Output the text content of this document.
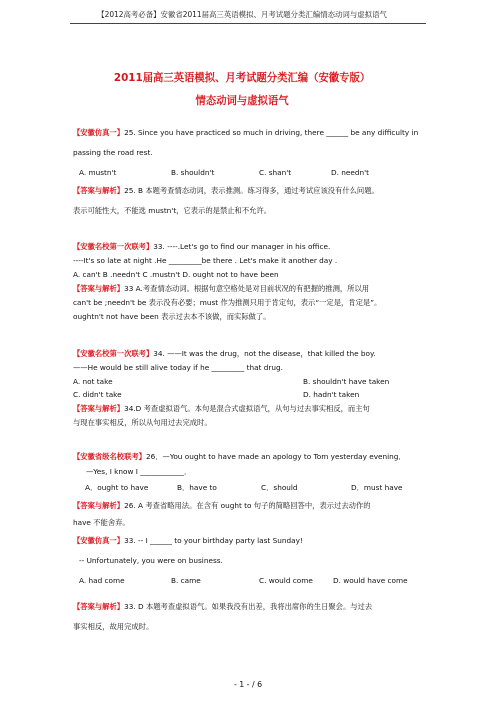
【2012高考必备】安徽省2011届高三英语模拟、月考试题分类汇编情态动词与虚拟语气
2011届高三英语模拟、月考试题分类汇编（安徽专版）
情态动词与虚拟语气
【安徽仿真一】25. Since you have practiced so much in driving, there ______ be any difficulty in
passing the road rest.
A. mustn't	B. shouldn't	C. shan't	D. needn't
【答案与解析】25. B 本题考查情态动词，表示推测。练习得多，通过考试应该没有什么问题。
表示可能性大，不能选 mustn't，它表示的是禁止和不允许。
【安徽名校第一次联考】33. ----.Let's go to find our manager in his office.
----It's so late at night .He _________be there . Let's make it another day .
A. can't B .needn't C .mustn't D. ought not to have been
【答案与解析】33 A.考查情态动词。根据句意空格处是对目前状况的有把握的推测，所以用
can't be ;needn't be 表示没有必要；must 作为推测只用于肯定句，表示“一定是，肯定是”。
oughtn't not have been 表示过去本不该做，而实际做了。
【安徽名校第一次联考】34. ——It was the drug，not the disease，that killed the boy.
——He would be still alive today if he _________ that drug.
A. not take	B. shouldn't have taken
C. didn't take	D. hadn't taken
【答案与解析】34.D 考查虚拟语气。本句是混合式虚拟语气，从句与过去事实相反，而主句
与现在事实相反，所以从句用过去完成时。
【安徽省级名校联考】26．—You ought to have made an apology to Tom yesterday evening．
—Yes, I know I ____________．
A．ought to have	B．have to	C．should	D．must have
【答案与解析】26. A 考查省略用法。在含有 ought to 句子的简略回答中，表示过去动作的
have 不能舍弃。
【安徽仿真一】33. -- I ______ to your birthday party last Sunday!
-- Unfortunately, you were on business.
A. had come	B. came	C. would come	D. would have come
【答案与解析】33. D 本题考查虚拟语气。如果我没有出差，我将出席你的生日聚会。与过去
事实相反，故用完成时。
- 1 - / 6
